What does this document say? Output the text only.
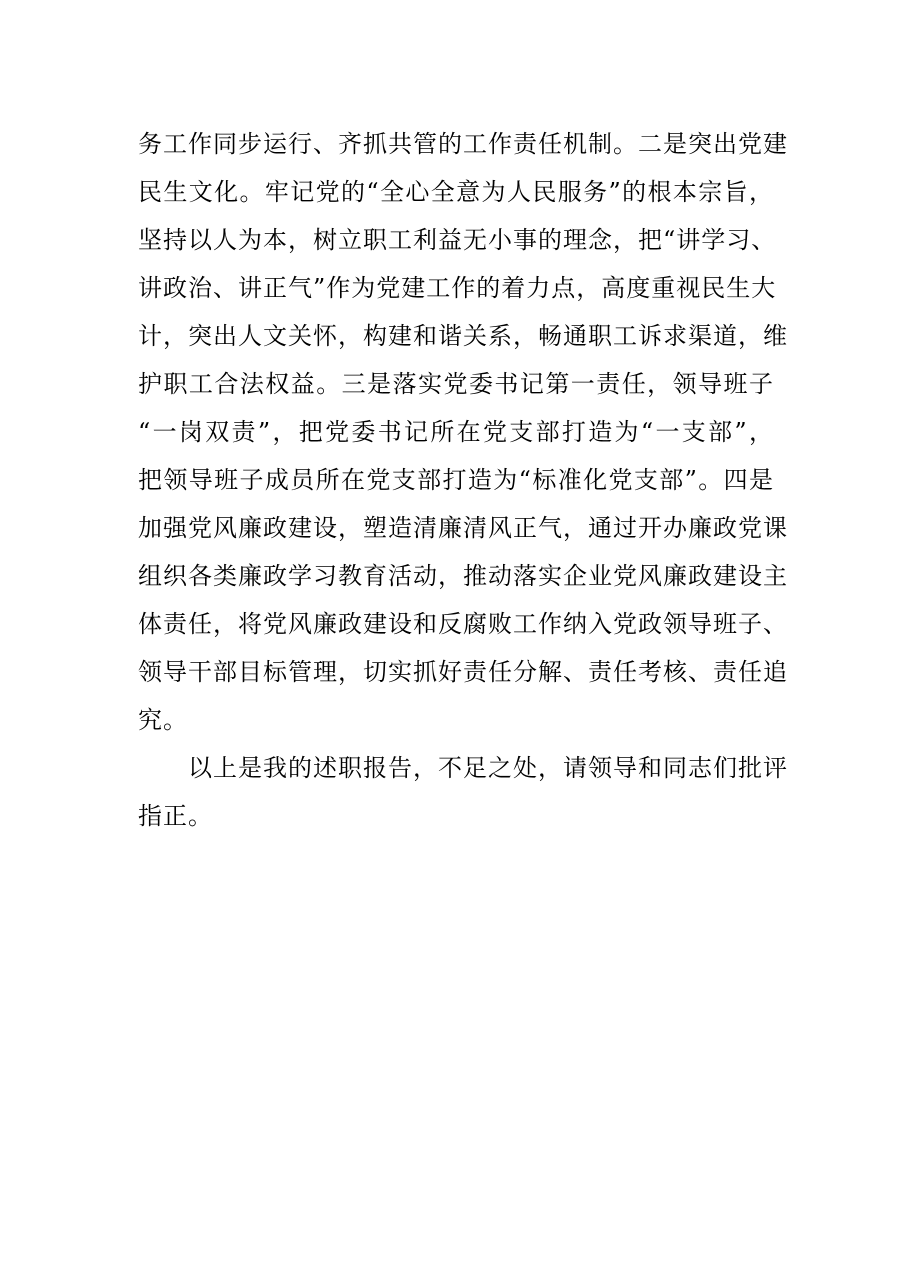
务工作同步运行、齐抓共管的工作责任机制。二是突出党建
民生文化。牢记党的“全心全意为人民服务”的根本宗旨，
坚持以人为本，树立职工利益无小事的理念，把“讲学习、
讲政治、讲正气”作为党建工作的着力点，高度重视民生大
计，突出人文关怀，构建和谐关系，畅通职工诉求渠道，维
护职工合法权益。三是落实党委书记第一责任，领导班子
“一岗双责”，把党委书记所在党支部打造为“一支部”，
把领导班子成员所在党支部打造为“标准化党支部”。四是
加强党风廉政建设，塑造清廉清风正气，通过开办廉政党课
组织各类廉政学习教育活动，推动落实企业党风廉政建设主
体责任，将党风廉政建设和反腐败工作纳入党政领导班子、
领导干部目标管理，切实抓好责任分解、责任考核、责任追
究。
以上是我的述职报告，不足之处，请领导和同志们批评
指正。
